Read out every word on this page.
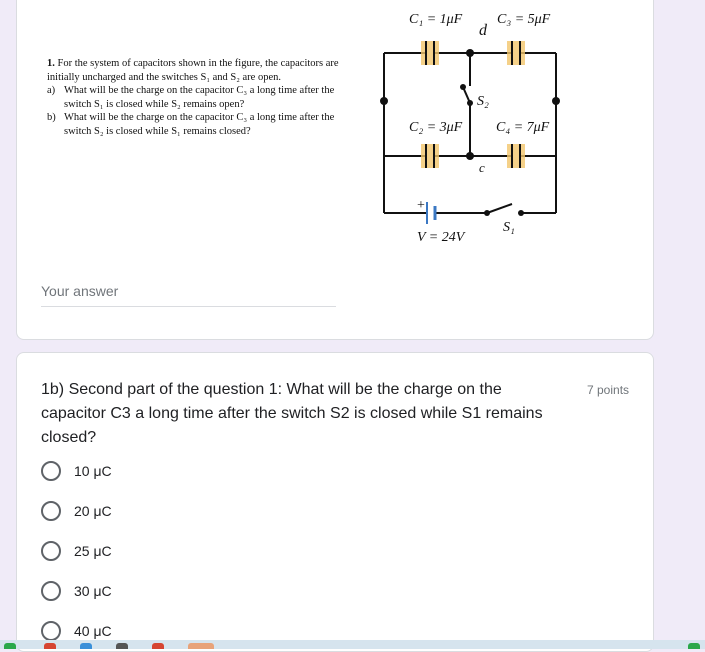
1. For the system of capacitors shown in the figure, the capacitors are initially uncharged and the switches S₁ and S₂ are open.

a) What will be the charge on the capacitor C₃ a long time after the switch S₁ is closed while S₂ remains open?
b) What will be the charge on the capacitor C₃ a long time after the switch S₂ is closed while S₁ remains closed?
C₁ = 1μF C₃ = 5μF
d
S₂
C₂ = 3μF C₄ = 7μF
c
+
S₁
V = 24V
Your answer
1b) Second part of the question 1: What will be the charge on the capacitor C3 a long time after the switch S2 is closed while S1 remains closed?
7 points
10 μC
20 μC
25 μC
30 μC
40 μC
